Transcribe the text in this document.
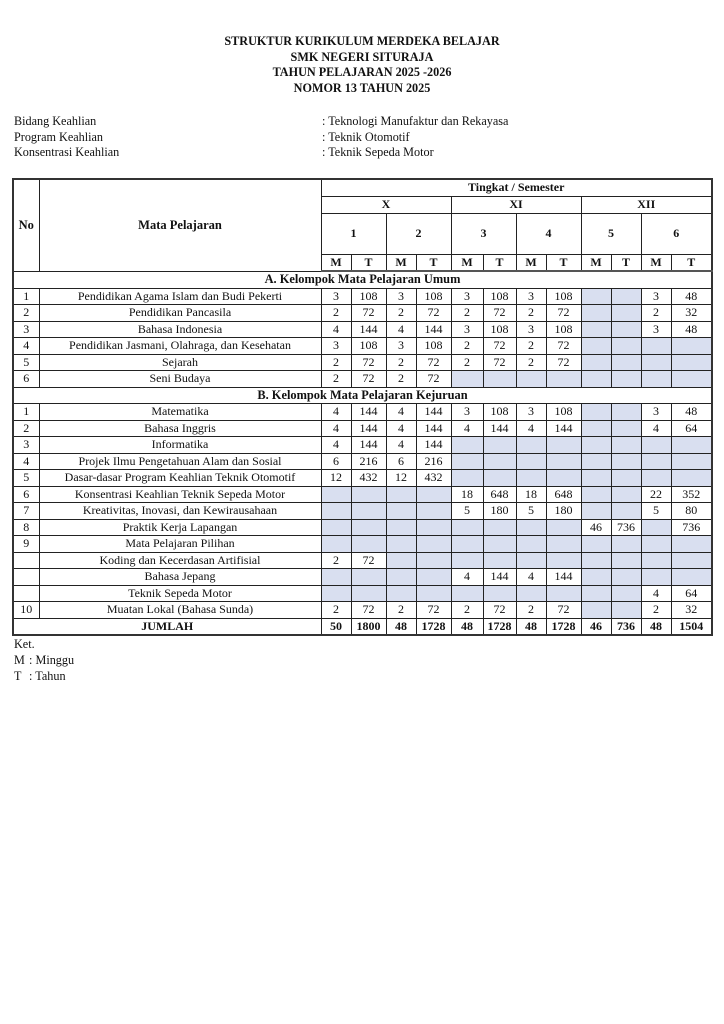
STRUKTUR KURIKULUM MERDEKA BELAJAR
SMK NEGERI SITURAJA
TAHUN PELAJARAN 2025 -2026
NOMOR 13 TAHUN 2025
Bidang Keahlian	: Teknologi Manufaktur dan Rekayasa
Program Keahlian	: Teknik Otomotif
Konsentrasi Keahlian	: Teknik Sepeda Motor
No	Mata Pelajaran	Tingkat / Semester											
		X				XI				XII			
		1		2		3		4		5		6	
		M	T	M	T	M	T	M	T	M	T	M	T
A. Kelompok Mata Pelajaran Umum													
1	Pendidikan Agama Islam dan Budi Pekerti	3	108	3	108	3	108	3	108			3	48
2	Pendidikan Pancasila	2	72	2	72	2	72	2	72			2	32
3	Bahasa Indonesia	4	144	4	144	3	108	3	108			3	48
4	Pendidikan Jasmani, Olahraga, dan Kesehatan	3	108	3	108	2	72	2	72				
5	Sejarah	2	72	2	72	2	72	2	72				
6	Seni Budaya	2	72	2	72								
B. Kelompok Mata Pelajaran Kejuruan													
1	Matematika	4	144	4	144	3	108	3	108			3	48
2	Bahasa Inggris	4	144	4	144	4	144	4	144			4	64
3	Informatika	4	144	4	144								
4	Projek Ilmu Pengetahuan Alam dan Sosial	6	216	6	216								
5	Dasar-dasar Program Keahlian Teknik Otomotif	12	432	12	432								
6	Konsentrasi Keahlian Teknik Sepeda Motor					18	648	18	648			22	352
7	Kreativitas, Inovasi, dan Kewirausahaan					5	180	5	180			5	80
8	Praktik Kerja Lapangan									46	736		736
9	Mata Pelajaran Pilihan												
	Koding dan Kecerdasan Artifisial	2	72										
	Bahasa Jepang					4	144	4	144				
	Teknik Sepeda Motor											4	64
10	Muatan Lokal (Bahasa Sunda)	2	72	2	72	2	72	2	72			2	32
JUMLAH		50	1800	48	1728	48	1728	48	1728	46	736	48	1504
Ket.
M : Minggu
T : Tahun
